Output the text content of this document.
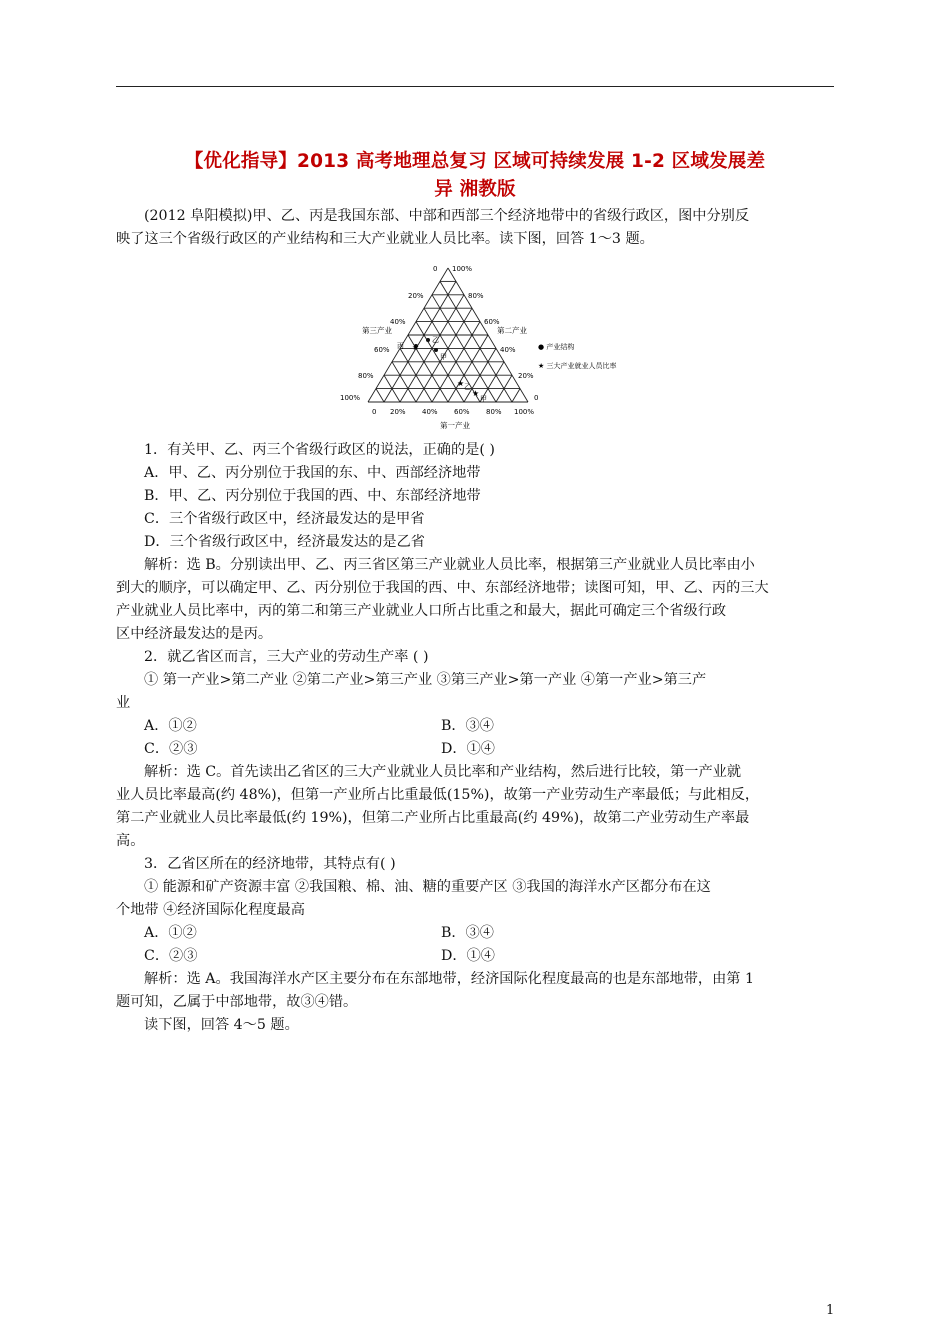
【优化指导】2013 高考地理总复习 区域可持续发展 1-2 区域发展差
异 湘教版

(2012 阜阳模拟)甲、乙、丙是我国东部、中部和西部三个经济地带中的省级行政区，图中分别反

映了这三个省级行政区的产业结构和三大产业就业人员比率。读下图，回答 1～3 题。

1．有关甲、乙、丙三个省级行政区的说法，正确的是( )

A．甲、乙、丙分别位于我国的东、中、西部经济地带

B．甲、乙、丙分别位于我国的西、中、东部经济地带

C．三个省级行政区中，经济最发达的是甲省

D．三个省级行政区中，经济最发达的是乙省

解析：选 B。分别读出甲、乙、丙三省区第三产业就业人员比率，根据第三产业就业人员比率由小

到大的顺序，可以确定甲、乙、丙分别位于我国的西、中、东部经济地带；读图可知，甲、乙、丙的三大

产业就业人员比率中，丙的第二和第三产业就业人口所占比重之和最大，据此可确定三个省级行政

区中经济最发达的是丙。

2．就乙省区而言，三大产业的劳动生产率 ( )

① 第一产业>第二产业 ②第二产业>第三产业 ③第三产业>第一产业 ④第一产业>第三产

业

A．①②	B．③④
C．②③	D．①④

解析：选 C。首先读出乙省区的三大产业就业人员比率和产业结构，然后进行比较，第一产业就

业人员比率最高(约 48%)，但第一产业所占比重最低(15%)，故第一产业劳动生产率最低；与此相反，

第二产业就业人员比率最低(约 19%)，但第二产业所占比重最高(约 49%)，故第二产业劳动生产率最

高。

3．乙省区所在的经济地带，其特点有( )

① 能源和矿产资源丰富 ②我国粮、棉、油、糖的重要产区 ③我国的海洋水产区都分布在这

个地带 ④经济国际化程度最高

A．①②	B．③④
C．②③	D．①④

解析：选 A。我国海洋水产区主要分布在东部地带，经济国际化程度最高的也是东部地带，由第 1

题可知，乙属于中部地带，故③④错。

读下图，回答 4～5 题。

0 100%
20%
40%
60%
80%
100%
80%
60%
40%
20%
0
0 20% 40% 60% 80% 100%
第三产业	第二产业
第一产业
● 产业结构
★ 三大产业就业人员比率
★
★
★
丙
乙
甲
乙
甲
1
